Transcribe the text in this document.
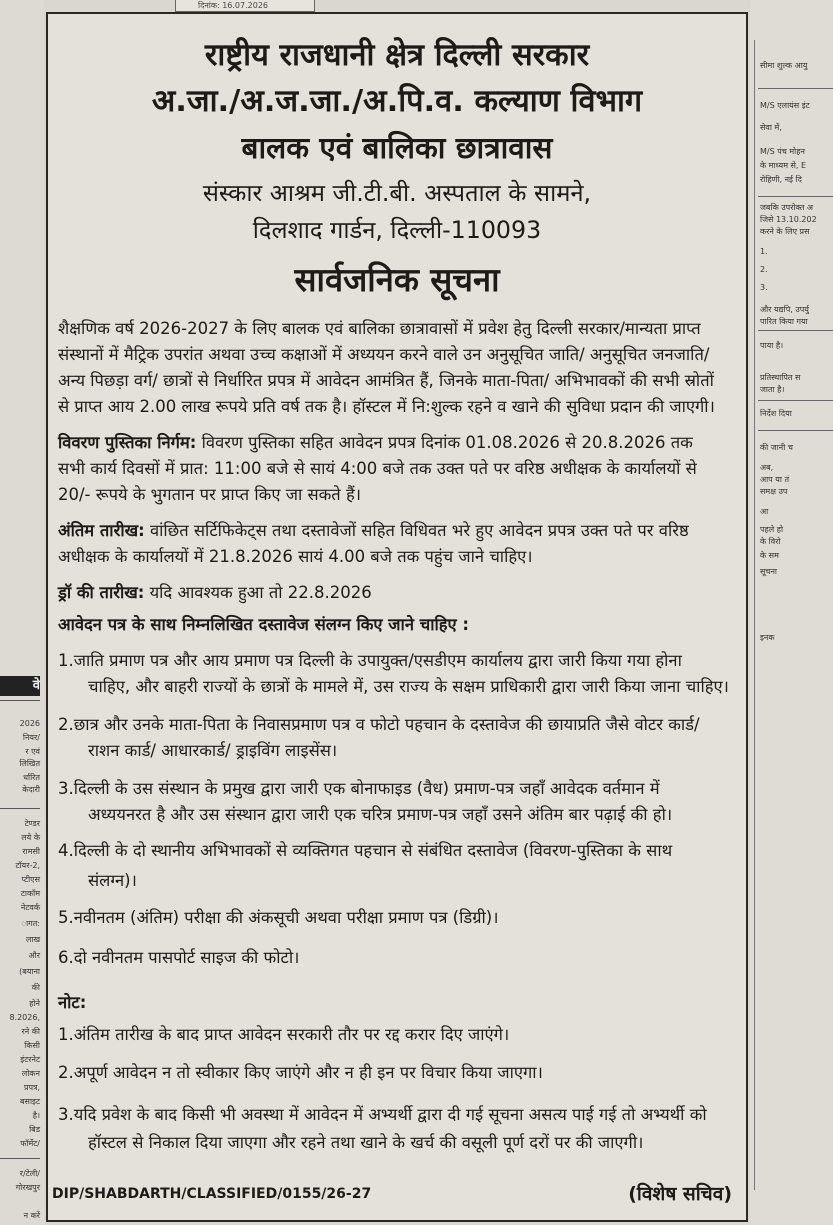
वे
2026
नियर/
र एवं
लिखित
र्धारित
केदारी
टेण्डर
लये के
रामसी
टॉयर-2,
प्टीएस
टाकॉम
नेटवर्क
ागत:
लाख
और
(बयाना
की
होने
8.2026,
रने की
किसी
इंटरनेट
लोकन
प्रपत्र,
बसाइट
है।
बिड
फॉर्मेट/
र/टेली/
गोरखपुर
न करें
सीमा शुल्क आयु
M/S एलायंस इंट
सेवा में,
M/S पंच मोहन
के माध्यम से, E
रोहिणी, नई दि
जबकि उपरोक्त अ
जिसे 13.10.202
करने के लिए प्रस
1.
2.
3.
और यद्यपि, उपर्यु
पारित किया गया
पाया है।
प्रतिस्थापित स
जाता है।
निर्देश दिया
की जानी च
अब,
आप या तं
समक्ष उप
आ
पहले हो
के विरो
के सम
सूचना
इनक
दिनांक: 16.07.2026
राष्ट्रीय राजधानी क्षेत्र दिल्ली सरकार
अ.जा./अ.ज.जा./अ.पि.व. कल्याण विभाग
बालक एवं बालिका छात्रावास
संस्कार आश्रम जी.टी.बी. अस्पताल के सामने,
दिलशाद गार्डन, दिल्ली-110093
सार्वजनिक सूचना
शैक्षणिक वर्ष 2026-2027 के लिए बालक एवं बालिका छात्रावासों में प्रवेश हेतु दिल्ली सरकार/मान्यता प्राप्त
संस्थानों में मैट्रिक उपरांत अथवा उच्च कक्षाओं में अध्ययन करने वाले उन अनुसूचित जाति/ अनुसूचित जनजाति/
अन्य पिछड़ा वर्ग/ छात्रों से निर्धारित प्रपत्र में आवेदन आमंत्रित हैं, जिनके माता-पिता/ अभिभावकों की सभी स्रोतों
से प्राप्त आय 2.00 लाख रूपये प्रति वर्ष तक है। हॉस्टल में नि:शुल्क रहने व खाने की सुविधा प्रदान की जाएगी।
विवरण पुस्तिका निर्गम: विवरण पुस्तिका सहित आवेदन प्रपत्र दिनांक 01.08.2026 से 20.8.2026 तक
सभी कार्य दिवसों में प्रात: 11:00 बजे से सायं 4:00 बजे तक उक्त पते पर वरिष्ठ अधीक्षक के कार्यालयों से
20/- रूपये के भुगतान पर प्राप्त किए जा सकते हैं।
अंतिम तारीख: वांछित सर्टिफिकेट्स तथा दस्तावेजों सहित विधिवत भरे हुए आवेदन प्रपत्र उक्त पते पर वरिष्ठ
अधीक्षक के कार्यालयों में 21.8.2026 सायं 4.00 बजे तक पहुंच जाने चाहिए।
ड्रॉ की तारीख: यदि आवश्यक हुआ तो 22.8.2026
आवेदन पत्र के साथ निम्नलिखित दस्तावेज संलग्न किए जाने चाहिए :
1.जाति प्रमाण पत्र और आय प्रमाण पत्र दिल्ली के उपायुक्त/एसडीएम कार्यालय द्वारा जारी किया गया होना
चाहिए, और बाहरी राज्यों के छात्रों के मामले में, उस राज्य के सक्षम प्राधिकारी द्वारा जारी किया जाना चाहिए।
2.छात्र और उनके माता-पिता के निवासप्रमाण पत्र व फोटो पहचान के दस्तावेज की छायाप्रति जैसे वोटर कार्ड/
राशन कार्ड/ आधारकार्ड/ ड्राइविंग लाइसेंस।
3.दिल्ली के उस संस्थान के प्रमुख द्वारा जारी एक बोनाफाइड (वैध) प्रमाण-पत्र जहाँ आवेदक वर्तमान में
अध्ययनरत है और उस संस्थान द्वारा जारी एक चरित्र प्रमाण-पत्र जहाँ उसने अंतिम बार पढ़ाई की हो।
4.दिल्ली के दो स्थानीय अभिभावकों से व्यक्तिगत पहचान से संबंधित दस्तावेज (विवरण-पुस्तिका के साथ
संलग्न)।
5.नवीनतम (अंतिम) परीक्षा की अंकसूची अथवा परीक्षा प्रमाण पत्र (डिग्री)।
6.दो नवीनतम पासपोर्ट साइज की फोटो।
नोट:
1.अंतिम तारीख के बाद प्राप्त आवेदन सरकारी तौर पर रद्द करार दिए जाएंगे।
2.अपूर्ण आवेदन न तो स्वीकार किए जाएंगे और न ही इन पर विचार किया जाएगा।
3.यदि प्रवेश के बाद किसी भी अवस्था में आवेदन में अभ्यर्थी द्वारा दी गई सूचना असत्य पाई गई तो अभ्यर्थी को
हॉस्टल से निकाल दिया जाएगा और रहने तथा खाने के खर्च की वसूली पूर्ण दरों पर की जाएगी।
DIP/SHABDARTH/CLASSIFIED/0155/26-27	(विशेष सचिव)
